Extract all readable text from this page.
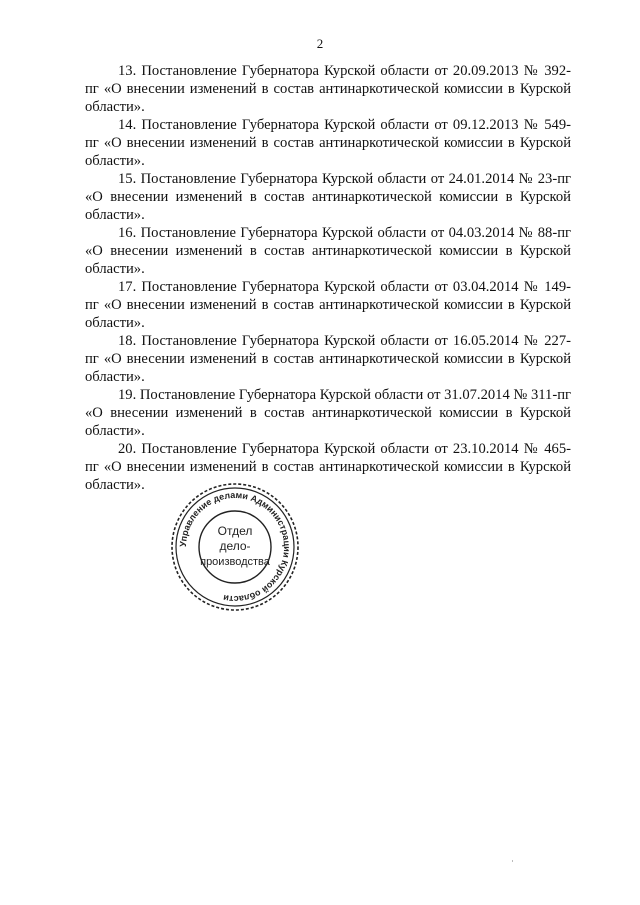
2

13. Постановление Губернатора Курской области от 20.09.2013 № 392-пг «О внесении изменений в состав антинаркотической комиссии в Курской области».

14. Постановление Губернатора Курской области от 09.12.2013 № 549-пг «О внесении изменений в состав антинаркотической комиссии в Курской области».

15. Постановление Губернатора Курской области от 24.01.2014 № 23-пг «О внесении изменений в состав антинаркотической комиссии в Курской области».

16. Постановление Губернатора Курской области от 04.03.2014 № 88-пг «О внесении изменений в состав антинаркотической комиссии в Курской области».

17. Постановление Губернатора Курской области от 03.04.2014 № 149-пг «О внесении изменений в состав антинаркотической комиссии в Курской области».

18. Постановление Губернатора Курской области от 16.05.2014 № 227-пг «О внесении изменений в состав антинаркотической комиссии в Курской области».

19. Постановление Губернатора Курской области от 31.07.2014 № 311-пг «О внесении изменений в состав антинаркотической комиссии в Курской области».

20. Постановление Губернатора Курской области от 23.10.2014 № 465-пг «О внесении изменений в состав антинаркотической комиссии в Курской области».

Управление делами Администрации Курской области
Отдел
дело-
производства
